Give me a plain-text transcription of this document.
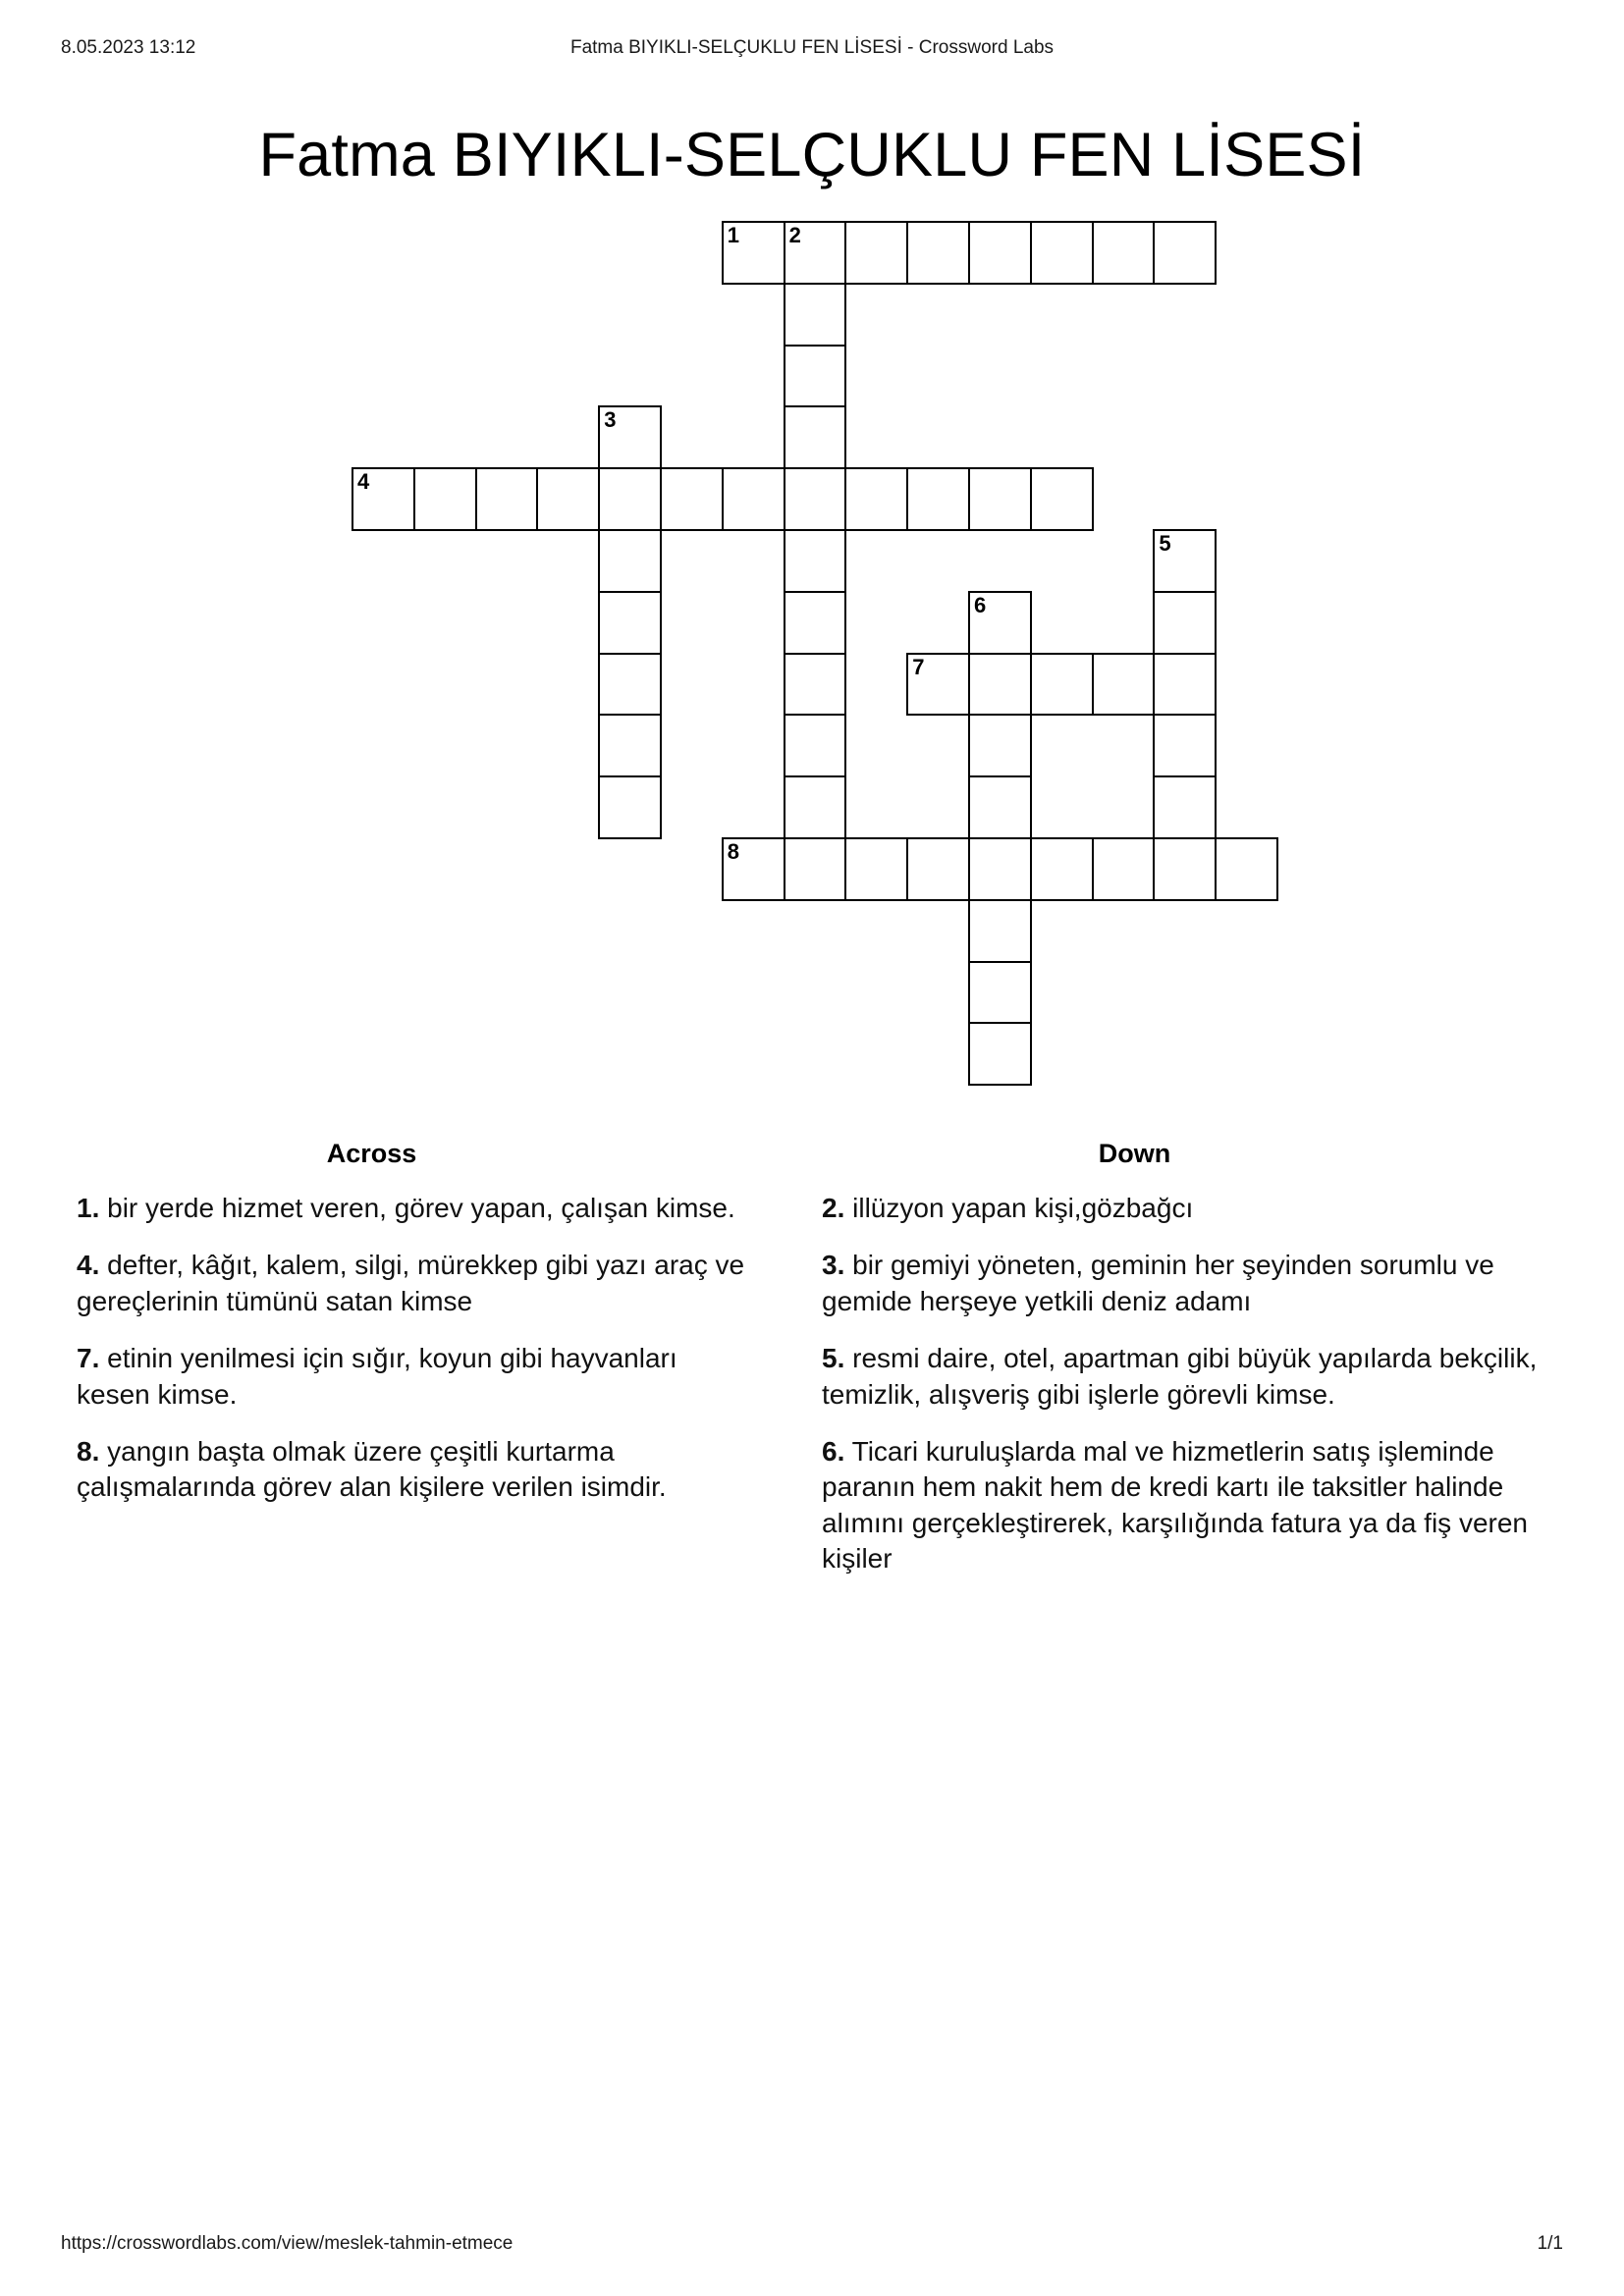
8.05.2023 13:12	Fatma BIYIKLI-SELÇUKLU FEN LİSESİ - Crossword Labs
Fatma BIYIKLI-SELÇUKLU FEN LİSESİ
1 2
3
4
5
6
7
8
Across

1. bir yerde hizmet veren, görev yapan, çalışan kimse.

4. defter, kâğıt, kalem, silgi, mürekkep gibi yazı araç ve gereçlerinin tümünü satan kimse

7. etinin yenilmesi için sığır, koyun gibi hayvanları kesen kimse.

8. yangın başta olmak üzere çeşitli kurtarma çalışmalarında görev alan kişilere verilen isimdir.

Down

2. illüzyon yapan kişi,gözbağcı

3. bir gemiyi yöneten, geminin her şeyinden sorumlu ve gemide herşeye yetkili deniz adamı

5. resmi daire, otel, apartman gibi büyük yapılarda bekçilik, temizlik, alışveriş gibi işlerle görevli kimse.

6. Ticari kuruluşlarda mal ve hizmetlerin satış işleminde paranın hem nakit hem de kredi kartı ile taksitler halinde alımını gerçekleştirerek, karşılığında fatura ya da fiş veren kişiler

https://crosswordlabs.com/view/meslek-tahmin-etmece	1/1
